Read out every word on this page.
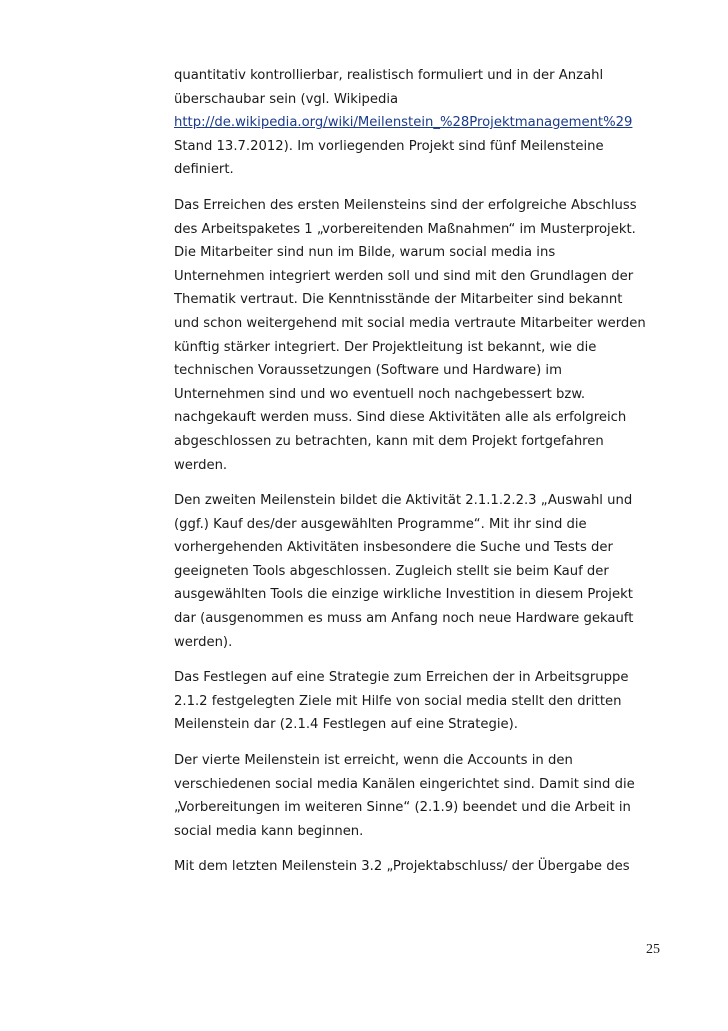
quantitativ kontrollierbar, realistisch formuliert und in der Anzahl
überschaubar sein (vgl. Wikipedia
http://de.wikipedia.org/wiki/Meilenstein_%28Projektmanagement%29
Stand 13.7.2012). Im vorliegenden Projekt sind fünf Meilensteine
definiert.
Das Erreichen des ersten Meilensteins sind der erfolgreiche Abschluss
des Arbeitspaketes 1 „vorbereitenden Maßnahmen“ im Musterprojekt.
Die Mitarbeiter sind nun im Bilde, warum social media ins
Unternehmen integriert werden soll und sind mit den Grundlagen der
Thematik vertraut. Die Kenntnisstände der Mitarbeiter sind bekannt
und schon weitergehend mit social media vertraute Mitarbeiter werden
künftig stärker integriert. Der Projektleitung ist bekannt, wie die
technischen Voraussetzungen (Software und Hardware) im
Unternehmen sind und wo eventuell noch nachgebessert bzw.
nachgekauft werden muss. Sind diese Aktivitäten alle als erfolgreich
abgeschlossen zu betrachten, kann mit dem Projekt fortgefahren
werden.
Den zweiten Meilenstein bildet die Aktivität 2.1.1.2.2.3 „Auswahl und
(ggf.) Kauf des/der ausgewählten Programme“. Mit ihr sind die
vorhergehenden Aktivitäten insbesondere die Suche und Tests der
geeigneten Tools abgeschlossen. Zugleich stellt sie beim Kauf der
ausgewählten Tools die einzige wirkliche Investition in diesem Projekt
dar (ausgenommen es muss am Anfang noch neue Hardware gekauft
werden).
Das Festlegen auf eine Strategie zum Erreichen der in Arbeitsgruppe
2.1.2 festgelegten Ziele mit Hilfe von social media stellt den dritten
Meilenstein dar (2.1.4 Festlegen auf eine Strategie).
Der vierte Meilenstein ist erreicht, wenn die Accounts in den
verschiedenen social media Kanälen eingerichtet sind. Damit sind die
„Vorbereitungen im weiteren Sinne“ (2.1.9) beendet und die Arbeit in
social media kann beginnen.
Mit dem letzten Meilenstein 3.2 „Projektabschluss/ der Übergabe des
25
